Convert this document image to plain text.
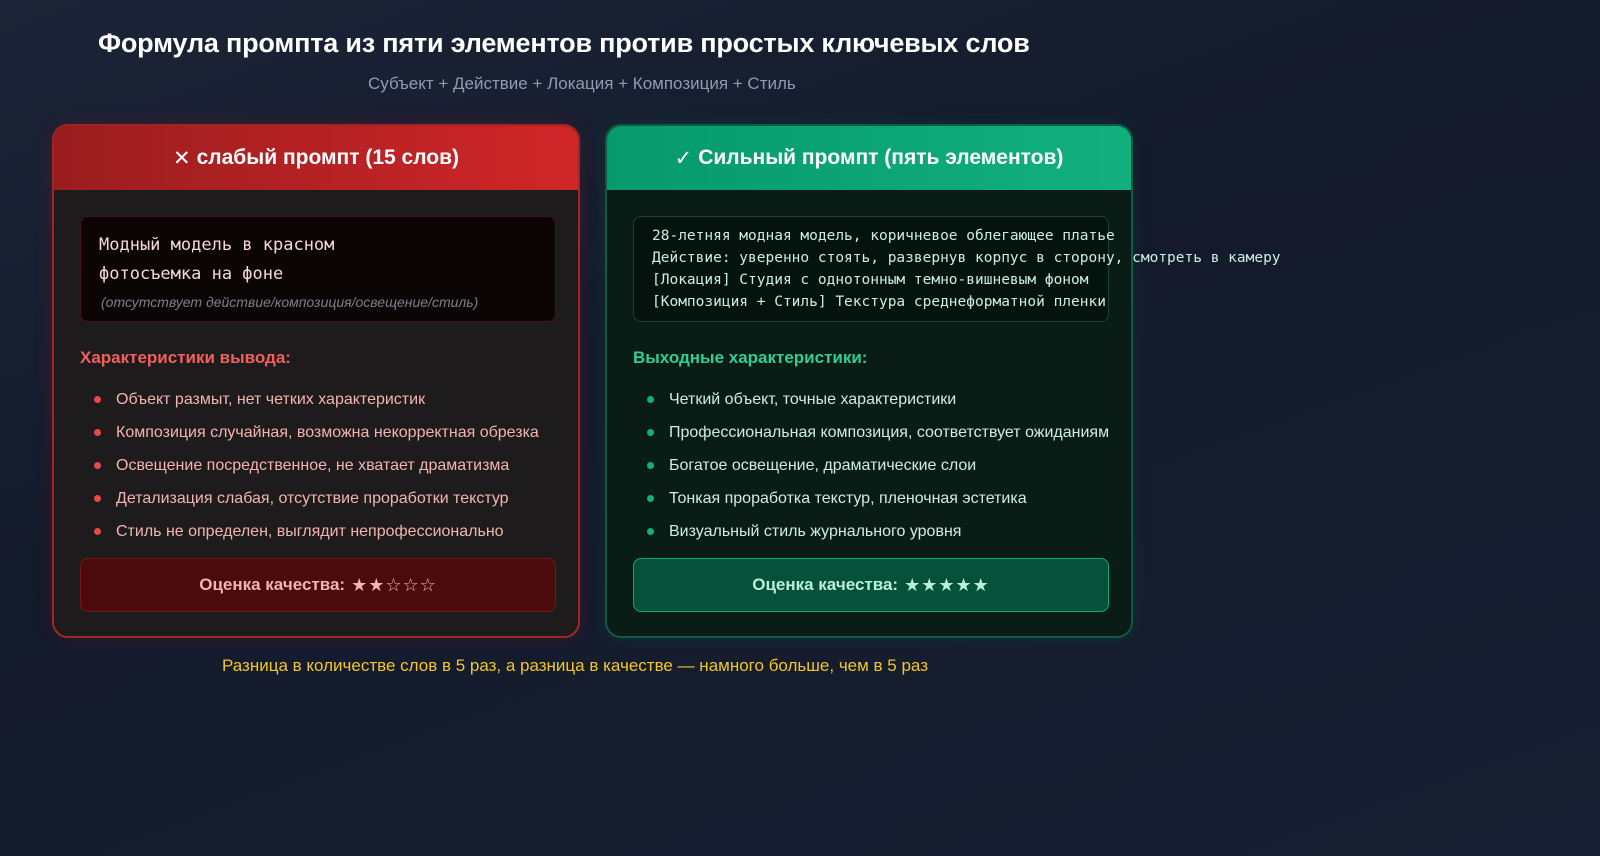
Формула промпта из пяти элементов против простых ключевых слов
Субъект + Действие + Локация + Композиция + Стиль
✕ слабый промпт (15 слов)
Модный модель в красном
фотосъемка на фоне
(отсутствует действие/композиция/освещение/стиль)
Характеристики вывода:
Объект размыт, нет четких характеристик
Композиция случайная, возможна некорректная обрезка
Освещение посредственное, не хватает драматизма
Детализация слабая, отсутствие проработки текстур
Стиль не определен, выглядит непрофессионально
Оценка качества: ★★☆☆☆
✓ Сильный промпт (пять элементов)
28-летняя модная модель, коричневое облегающее платье
Действие: уверенно стоять, развернув корпус в сторону, смотреть в камеру
[Локация] Студия с однотонным темно-вишневым фоном
[Композиция + Стиль] Текстура среднеформатной пленки
Выходные характеристики:
Четкий объект, точные характеристики
Профессиональная композиция, соответствует ожиданиям
Богатое освещение, драматические слои
Тонкая проработка текстур, пленочная эстетика
Визуальный стиль журнального уровня
Оценка качества: ★★★★★
Разница в количестве слов в 5 раз, а разница в качестве — намного больше, чем в 5 раз
